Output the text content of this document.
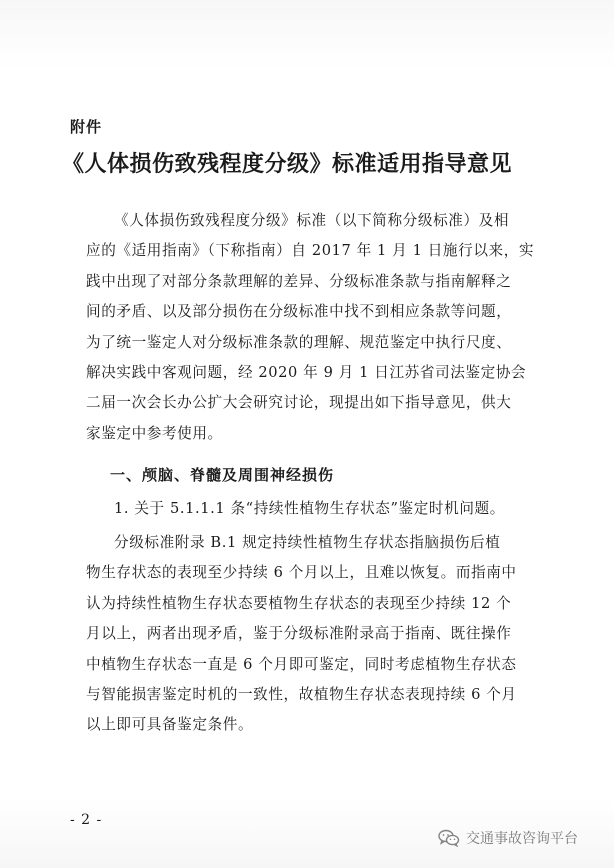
附件
《人体损伤致残程度分级》标准适用指导意见
《人体损伤致残程度分级》标准（以下简称分级标准）及相
应的《适用指南》（下称指南）自 2017 年 1 月 1 日施行以来，实
践中出现了对部分条款理解的差异、分级标准条款与指南解释之
间的矛盾、以及部分损伤在分级标准中找不到相应条款等问题，
为了统一鉴定人对分级标准条款的理解、规范鉴定中执行尺度、
解决实践中客观问题，经 2020 年 9 月 1 日江苏省司法鉴定协会
二届一次会长办公扩大会研究讨论，现提出如下指导意见，供大
家鉴定中参考使用。
一、颅脑、脊髓及周围神经损伤
1. 关于 5.1.1.1 条“持续性植物生存状态”鉴定时机问题。
分级标准附录 B.1 规定持续性植物生存状态指脑损伤后植
物生存状态的表现至少持续 6 个月以上，且难以恢复。而指南中
认为持续性植物生存状态要植物生存状态的表现至少持续 12 个
月以上，两者出现矛盾，鉴于分级标准附录高于指南、既往操作
中植物生存状态一直是 6 个月即可鉴定，同时考虑植物生存状态
与智能损害鉴定时机的一致性，故植物生存状态表现持续 6 个月
以上即可具备鉴定条件。
- 2 -
交通事故咨询平台
